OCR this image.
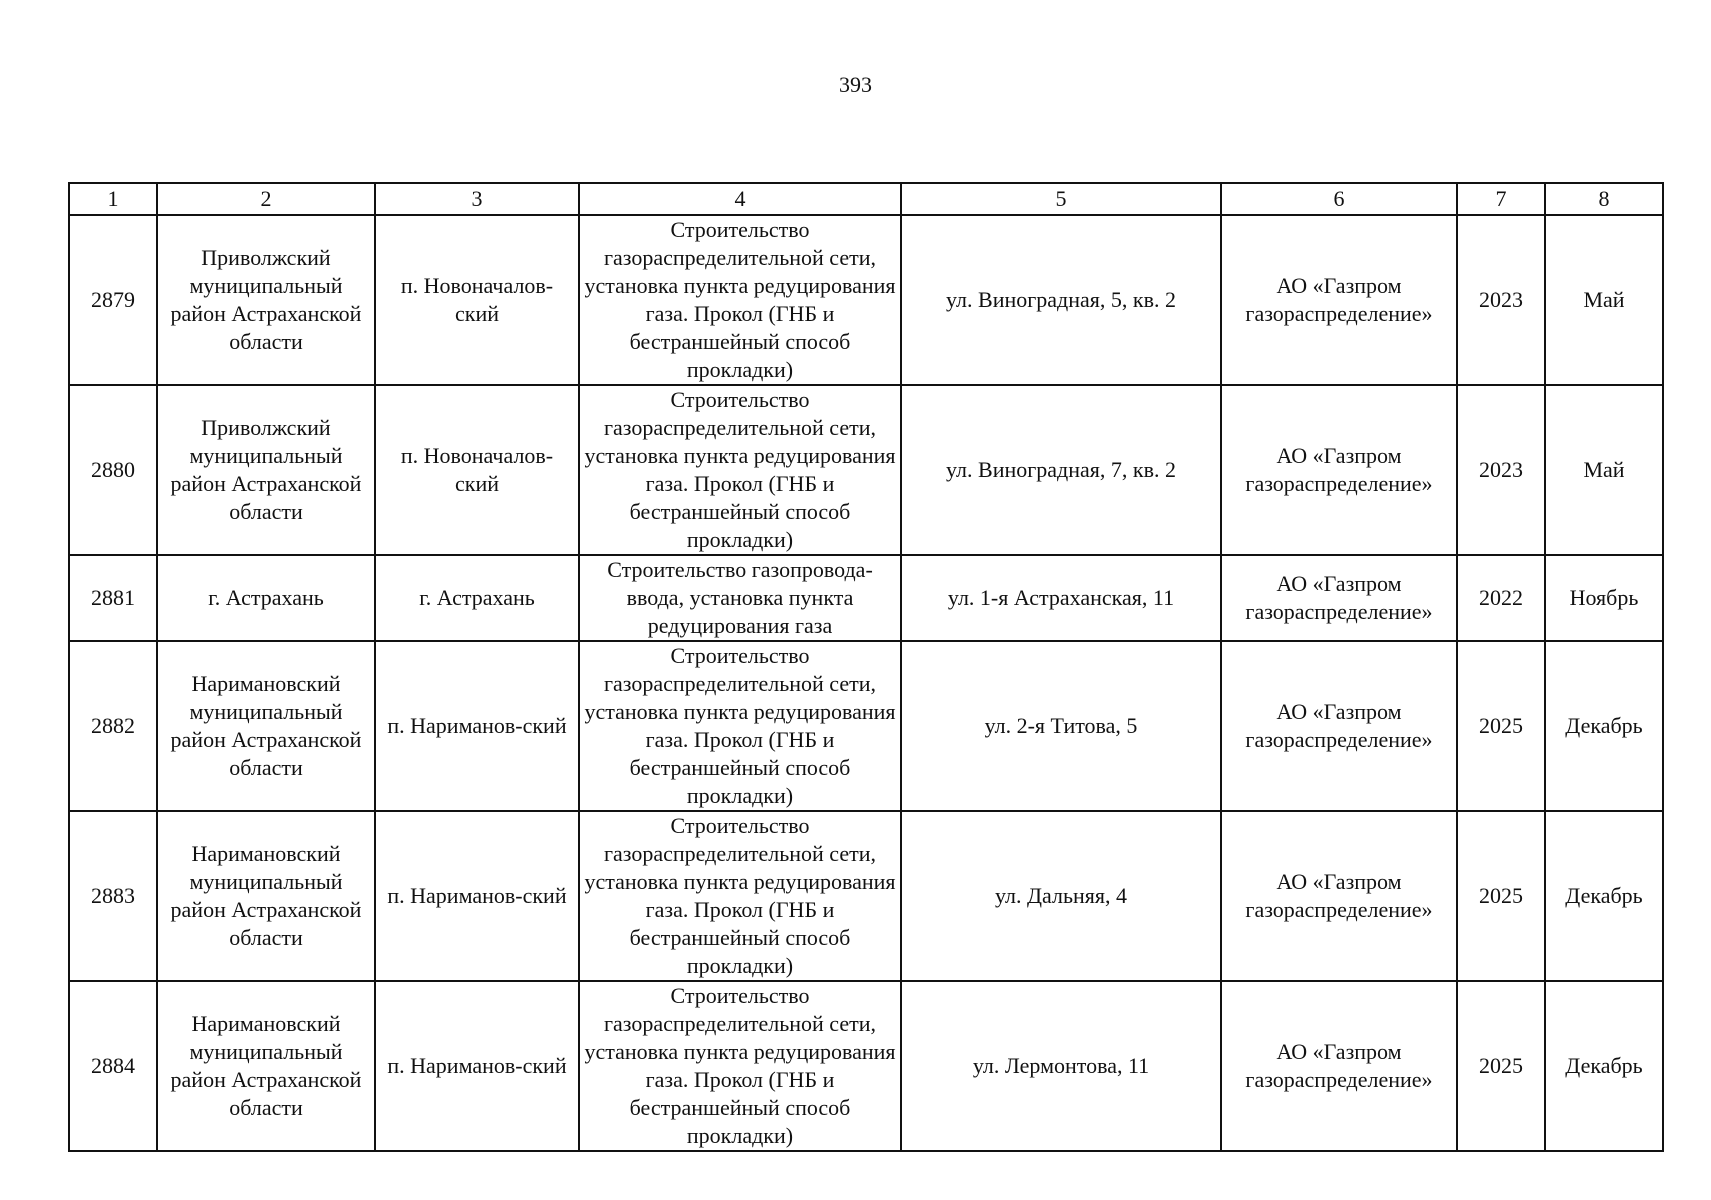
393
1	2	3	4	5	6	7	8
2879	Приволжский муниципальный район Астраханской области	п. Новоначалов-ский	Строительство газораспределительной сети, установка пункта редуцирования газа. Прокол (ГНБ и бестраншейный способ прокладки)	ул. Виноградная, 5, кв. 2	АО «Газпром газораспределение»	2023	Май
2880	Приволжский муниципальный район Астраханской области	п. Новоначалов-ский	Строительство газораспределительной сети, установка пункта редуцирования газа. Прокол (ГНБ и бестраншейный способ прокладки)	ул. Виноградная, 7, кв. 2	АО «Газпром газораспределение»	2023	Май
2881	г. Астрахань	г. Астрахань	Строительство газопровода-ввода, установка пункта редуцирования газа	ул. 1-я Астраханская, 11	АО «Газпром газораспределение»	2022	Ноябрь
2882	Наримановский муниципальный район Астраханской области	п. Нариманов-ский	Строительство газораспределительной сети, установка пункта редуцирования газа. Прокол (ГНБ и бестраншейный способ прокладки)	ул. 2-я Титова, 5	АО «Газпром газораспределение»	2025	Декабрь
2883	Наримановский муниципальный район Астраханской области	п. Нариманов-ский	Строительство газораспределительной сети, установка пункта редуцирования газа. Прокол (ГНБ и бестраншейный способ прокладки)	ул. Дальняя, 4	АО «Газпром газораспределение»	2025	Декабрь
2884	Наримановский муниципальный район Астраханской области	п. Нариманов-ский	Строительство газораспределительной сети, установка пункта редуцирования газа. Прокол (ГНБ и бестраншейный способ прокладки)	ул. Лермонтова, 11	АО «Газпром газораспределение»	2025	Декабрь
